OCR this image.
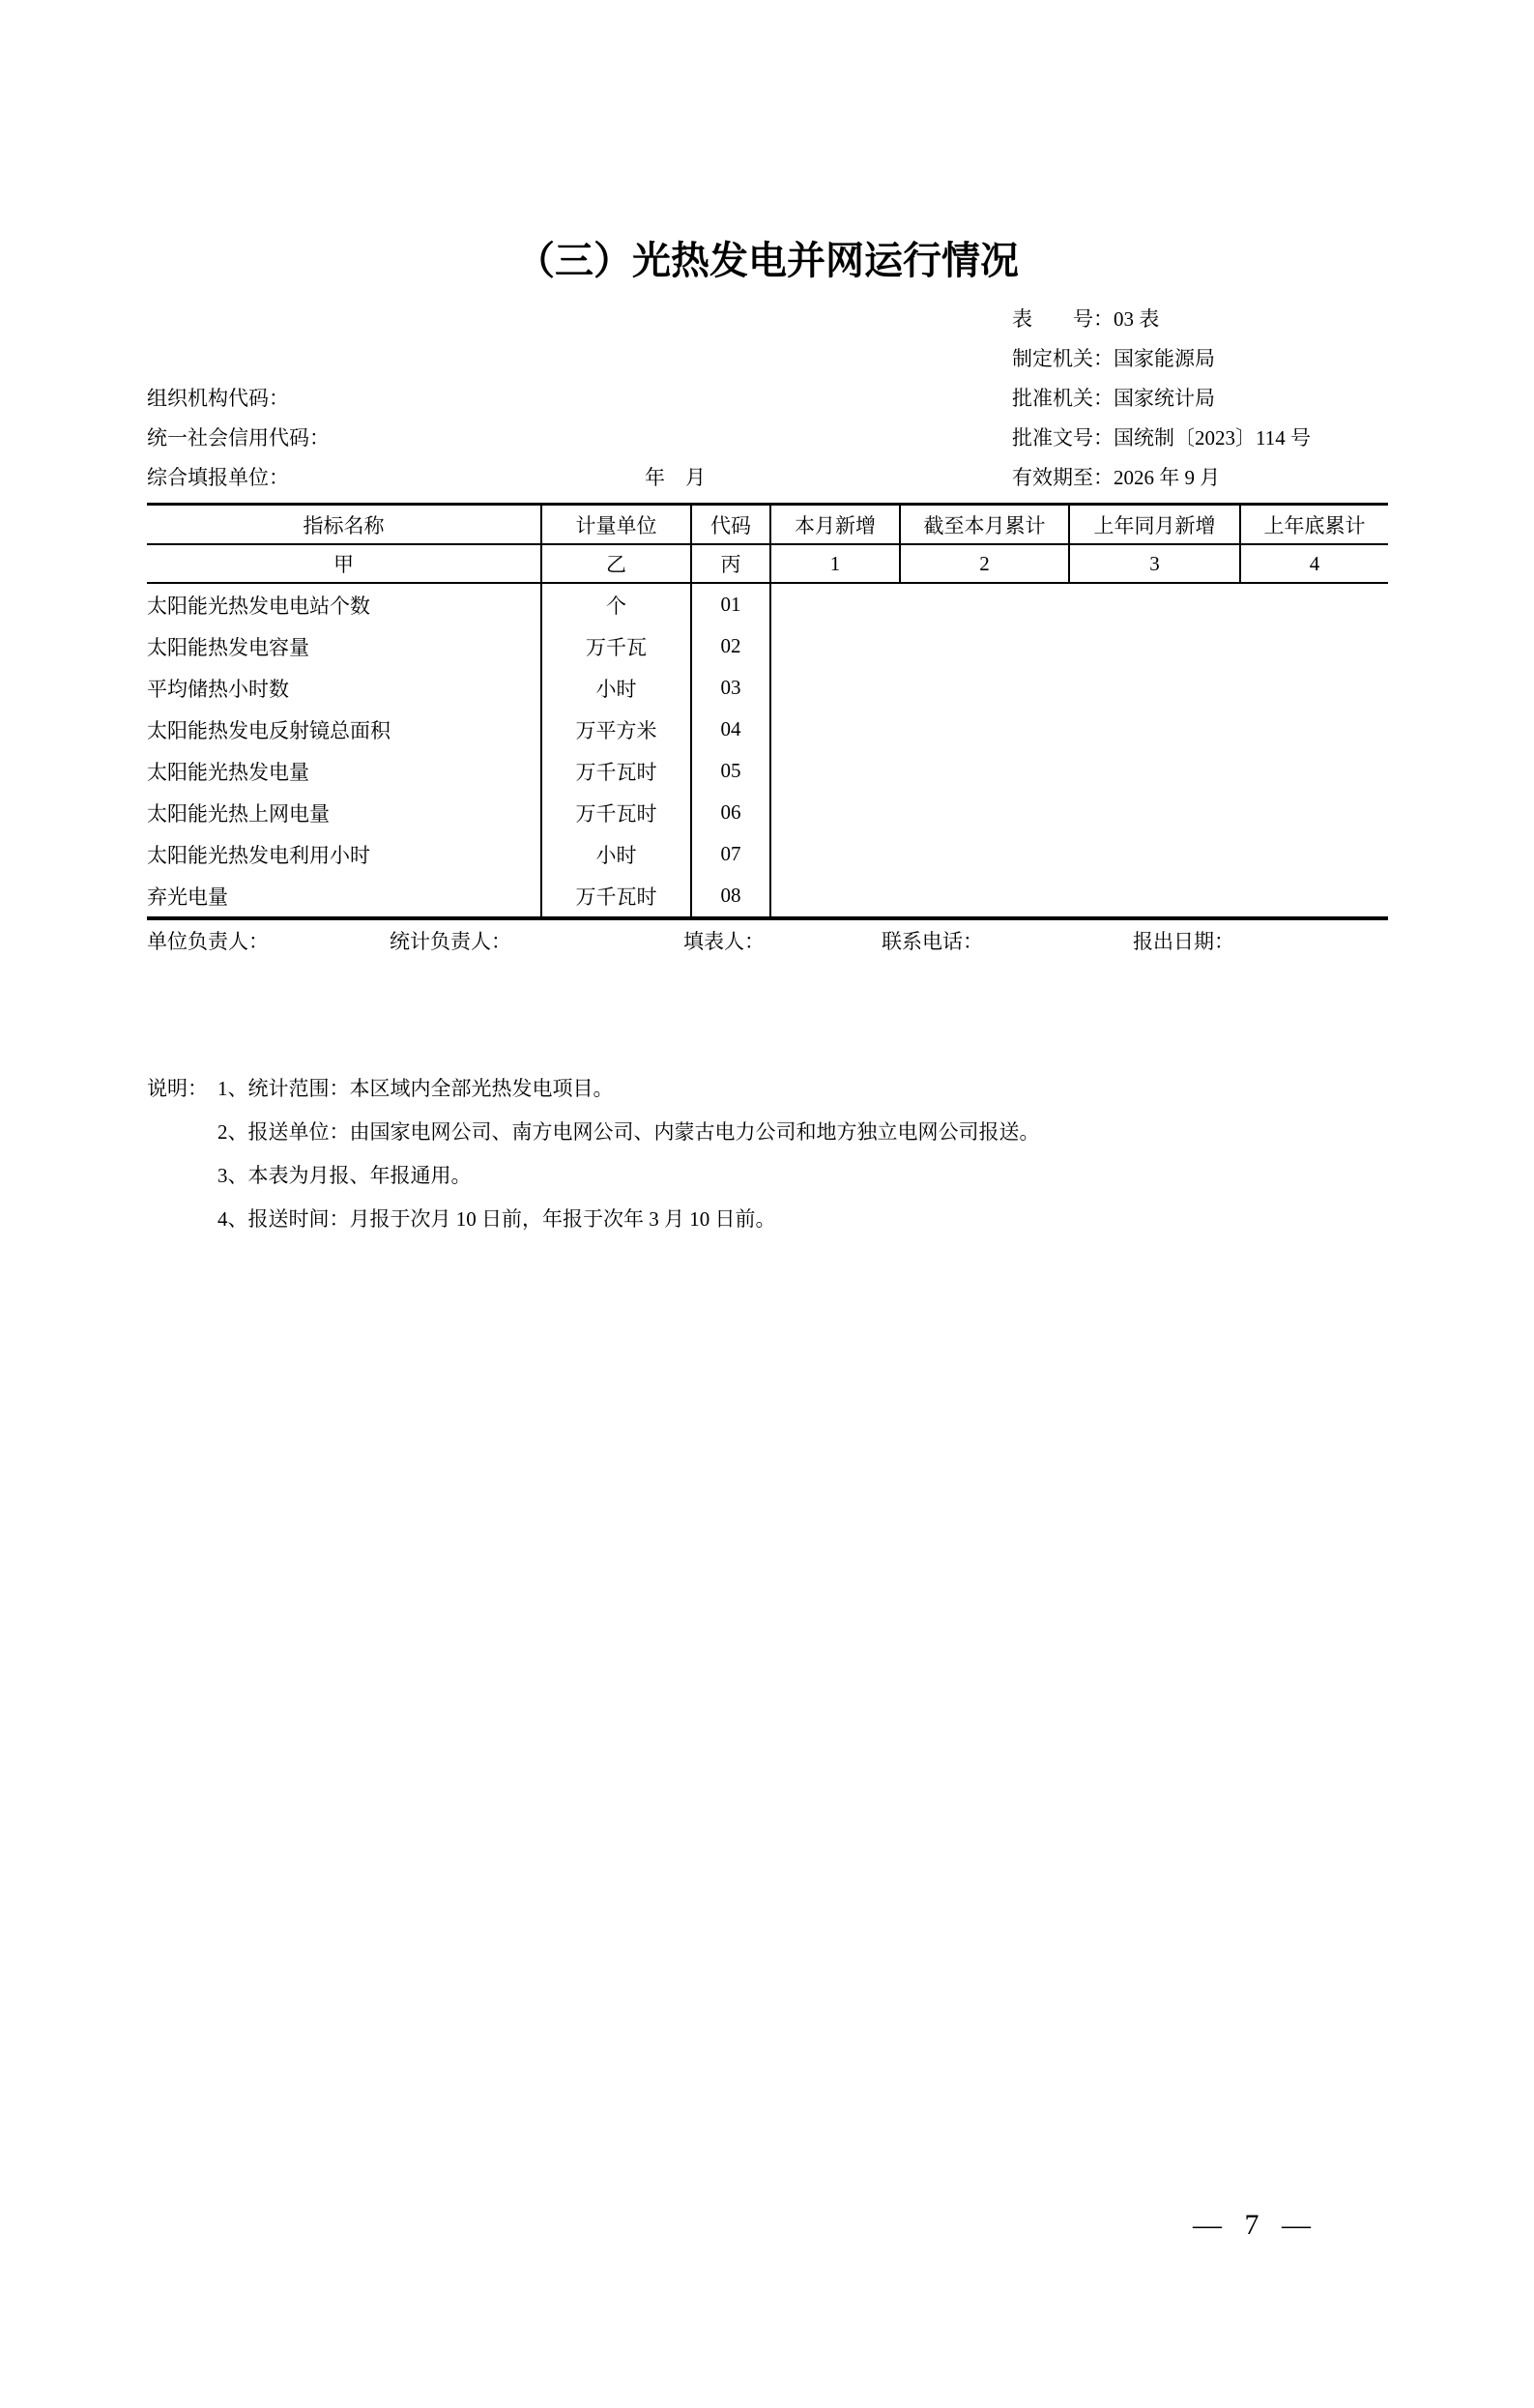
（三）光热发电并网运行情况
表　　号：03 表
制定机关：国家能源局
组织机构代码：	批准机关：国家统计局
统一社会信用代码：	批准文号：国统制〔2023〕114 号
综合填报单位：	年　月	有效期至：2026 年 9 月
指标名称	计量单位	代码	本月新增	截至本月累计	上年同月新增	上年底累计
甲	乙	丙	1	2	3	4
太阳能光热发电电站个数	个	01				
太阳能热发电容量	万千瓦	02				
平均储热小时数	小时	03				
太阳能热发电反射镜总面积	万平方米	04				
太阳能光热发电量	万千瓦时	05				
太阳能光热上网电量	万千瓦时	06				
太阳能光热发电利用小时	小时	07				
弃光电量	万千瓦时	08				
单位负责人：	统计负责人：	填表人：	联系电话：	报出日期：
说明： 1、统计范围：本区域内全部光热发电项目。
2、报送单位：由国家电网公司、南方电网公司、内蒙古电力公司和地方独立电网公司报送。
3、本表为月报、年报通用。
4、报送时间：月报于次月 10 日前，年报于次年 3 月 10 日前。
— 7 —
